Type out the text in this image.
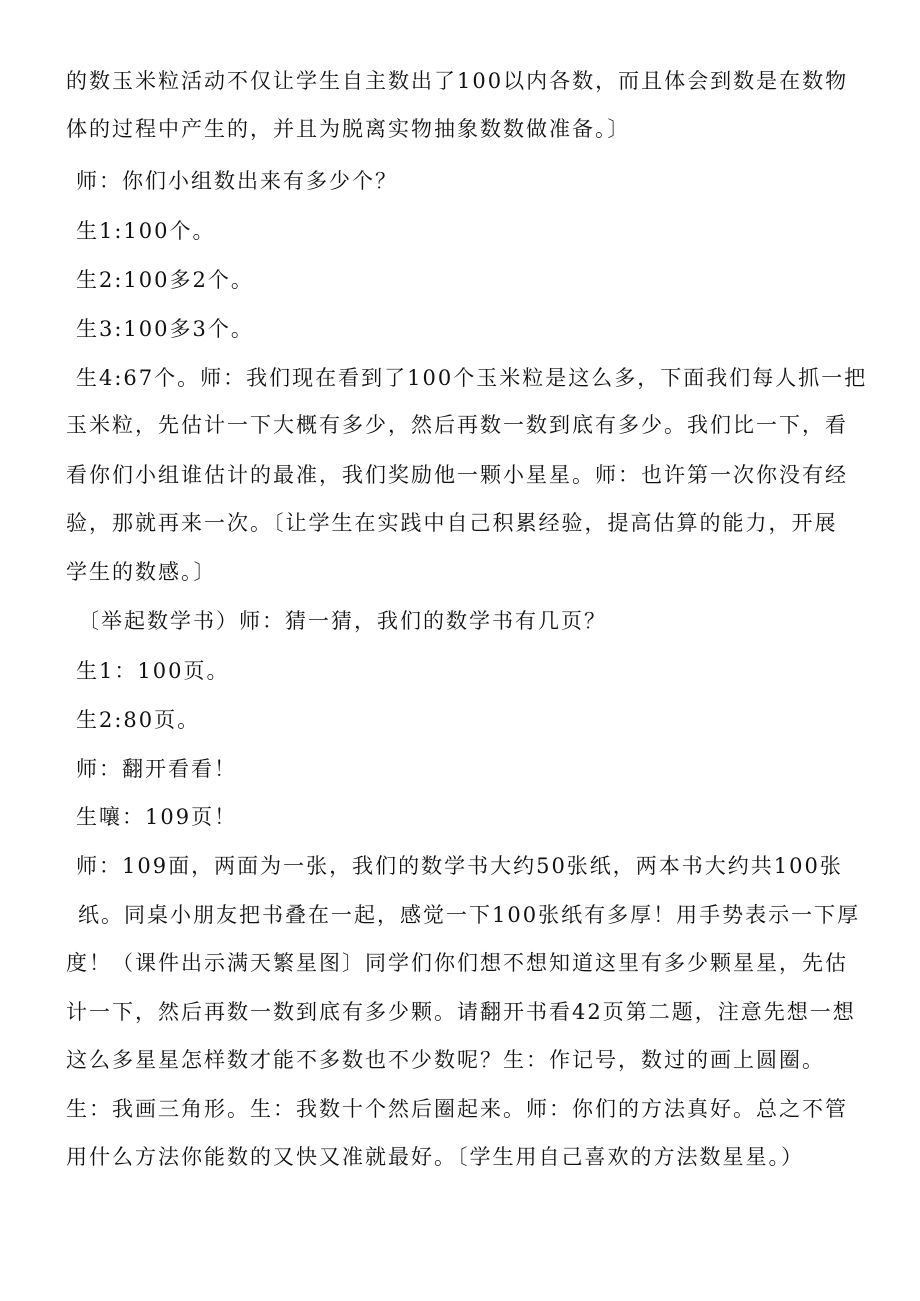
的数玉米粒活动不仅让学生自主数出了100以内各数，而且体会到数是在数物
体的过程中产生的，并且为脱离实物抽象数数做准备。〕
师：你们小组数出来有多少个？
生1:100个。
生2:100多2个。
生3:100多3个。
生4:67个。师：我们现在看到了100个玉米粒是这么多，下面我们每人抓一把
玉米粒，先估计一下大概有多少，然后再数一数到底有多少。我们比一下，看
看你们小组谁估计的最准，我们奖励他一颗小星星。师：也许第一次你没有经
验，那就再来一次。〔让学生在实践中自己积累经验，提高估算的能力，开展
学生的数感。〕
〔举起数学书）师：猜一猜，我们的数学书有几页？
生1：100页。
生2:80页。
师：翻开看看！
生嚷：109页！
师：109面，两面为一张，我们的数学书大约50张纸，两本书大约共100张
纸。同桌小朋友把书叠在一起，感觉一下100张纸有多厚！用手势表示一下厚
度！（课件出示满天繁星图〕同学们你们想不想知道这里有多少颗星星，先估
计一下，然后再数一数到底有多少颗。请翻开书看42页第二题，注意先想一想
这么多星星怎样数才能不多数也不少数呢？生：作记号，数过的画上圆圈。
生：我画三角形。生：我数十个然后圈起来。师：你们的方法真好。总之不管
用什么方法你能数的又快又准就最好。〔学生用自己喜欢的方法数星星。）
